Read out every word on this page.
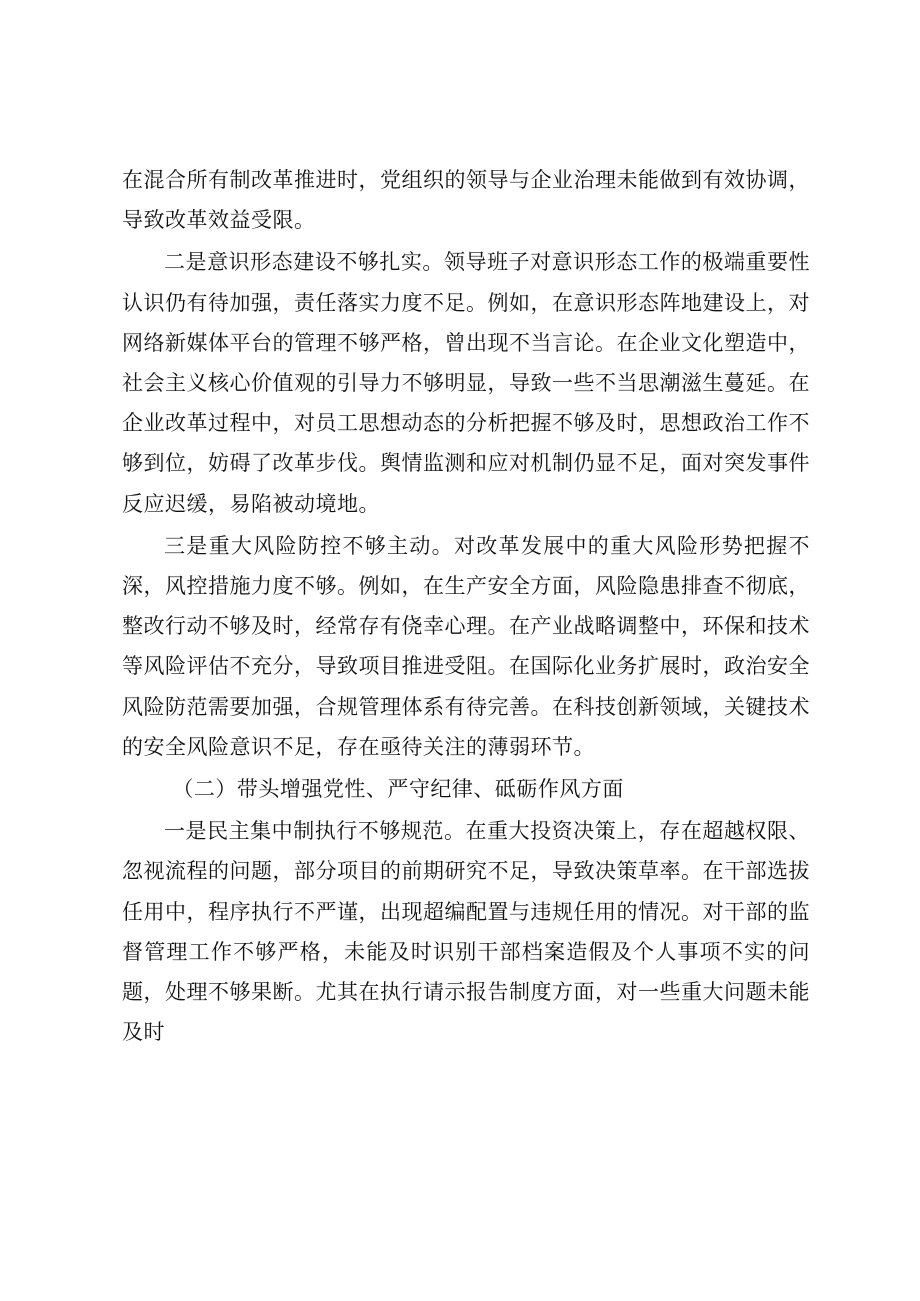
在混合所有制改革推进时，党组织的领导与企业治理未能做到有效协调，导致改革效益受限。

二是意识形态建设不够扎实。领导班子对意识形态工作的极端重要性认识仍有待加强，责任落实力度不足。例如，在意识形态阵地建设上，对网络新媒体平台的管理不够严格，曾出现不当言论。在企业文化塑造中，社会主义核心价值观的引导力不够明显，导致一些不当思潮滋生蔓延。在企业改革过程中，对员工思想动态的分析把握不够及时，思想政治工作不够到位，妨碍了改革步伐。舆情监测和应对机制仍显不足，面对突发事件反应迟缓，易陷被动境地。

三是重大风险防控不够主动。对改革发展中的重大风险形势把握不深，风控措施力度不够。例如，在生产安全方面，风险隐患排查不彻底，整改行动不够及时，经常存有侥幸心理。在产业战略调整中，环保和技术等风险评估不充分，导致项目推进受阻。在国际化业务扩展时，政治安全风险防范需要加强，合规管理体系有待完善。在科技创新领域，关键技术的安全风险意识不足，存在亟待关注的薄弱环节。

（二）带头增强党性、严守纪律、砥砺作风方面

一是民主集中制执行不够规范。在重大投资决策上，存在超越权限、忽视流程的问题，部分项目的前期研究不足，导致决策草率。在干部选拔任用中，程序执行不严谨，出现超编配置与违规任用的情况。对干部的监督管理工作不够严格，未能及时识别干部档案造假及个人事项不实的问题，处理不够果断。尤其在执行请示报告制度方面，对一些重大问题未能及时
